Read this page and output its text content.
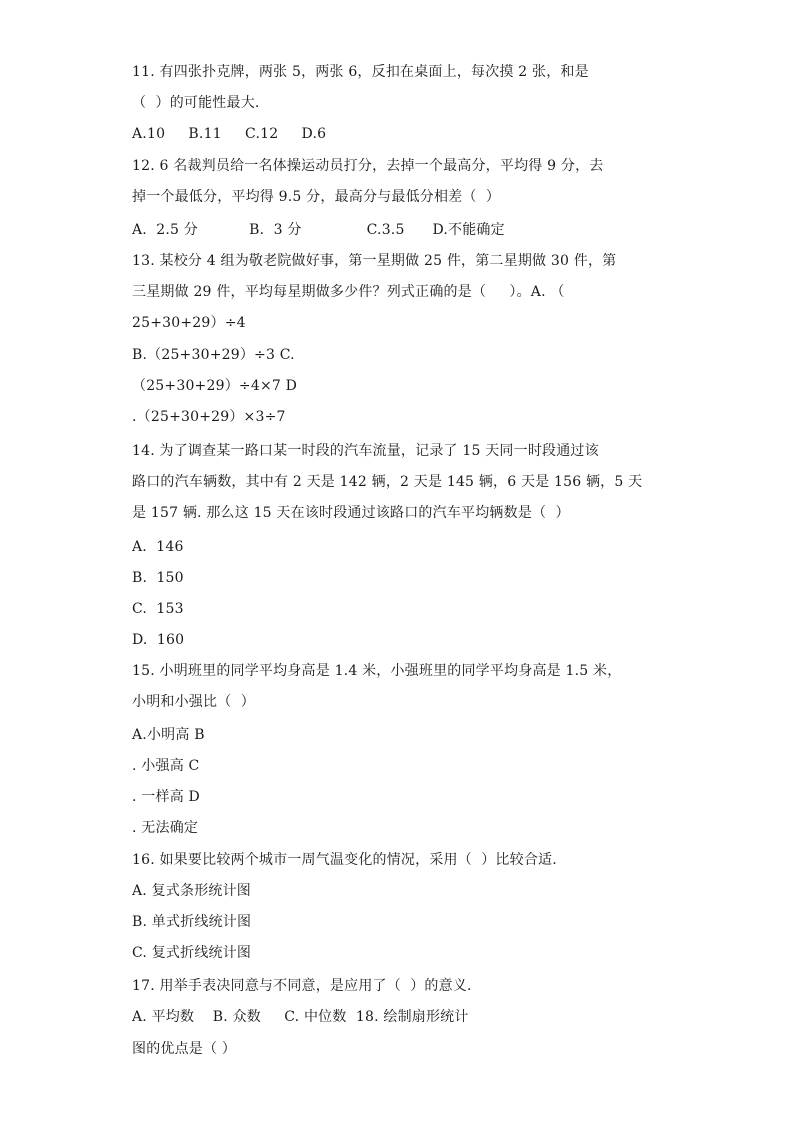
11. 有四张扑克牌，两张 5，两张 6，反扣在桌面上，每次摸 2 张，和是
（  ）的可能性最大.
A.10     B.11     C.12     D.6
12. 6 名裁判员给一名体操运动员打分，去掉一个最高分，平均得 9 分，去
掉一个最低分，平均得 9.5 分，最高分与最低分相差（  ）
A.  2.5 分           B.  3 分              C.3.5      D.不能确定
13. 某校分 4 组为敬老院做好事，第一星期做 25 件，第二星期做 30 件，第
三星期做 29 件，平均每星期做多少件？列式正确的是（     ）。A. （
25+30+29）÷4
B.（25+30+29）÷3 C.
（25+30+29）÷4×7 D
.（25+30+29）×3÷7
14. 为了调查某一路口某一时段的汽车流量，记录了 15 天同一时段通过该
路口的汽车辆数，其中有 2 天是 142 辆，2 天是 145 辆，6 天是 156 辆，5 天
是 157 辆. 那么这 15 天在该时段通过该路口的汽车平均辆数是（  ）
A.  146
B.  150
C.  153
D.  160
15. 小明班里的同学平均身高是 1.4 米，小强班里的同学平均身高是 1.5 米，
小明和小强比（  ）
A.小明高 B
. 小强高 C
. 一样高 D
. 无法确定
16. 如果要比较两个城市一周气温变化的情况，采用（  ）比较合适.
A. 复式条形统计图
B. 单式折线统计图
C. 复式折线统计图
17. 用举手表决同意与不同意，是应用了（  ）的意义.
A. 平均数    B. 众数     C. 中位数  18. 绘制扇形统计
图的优点是（ ）
